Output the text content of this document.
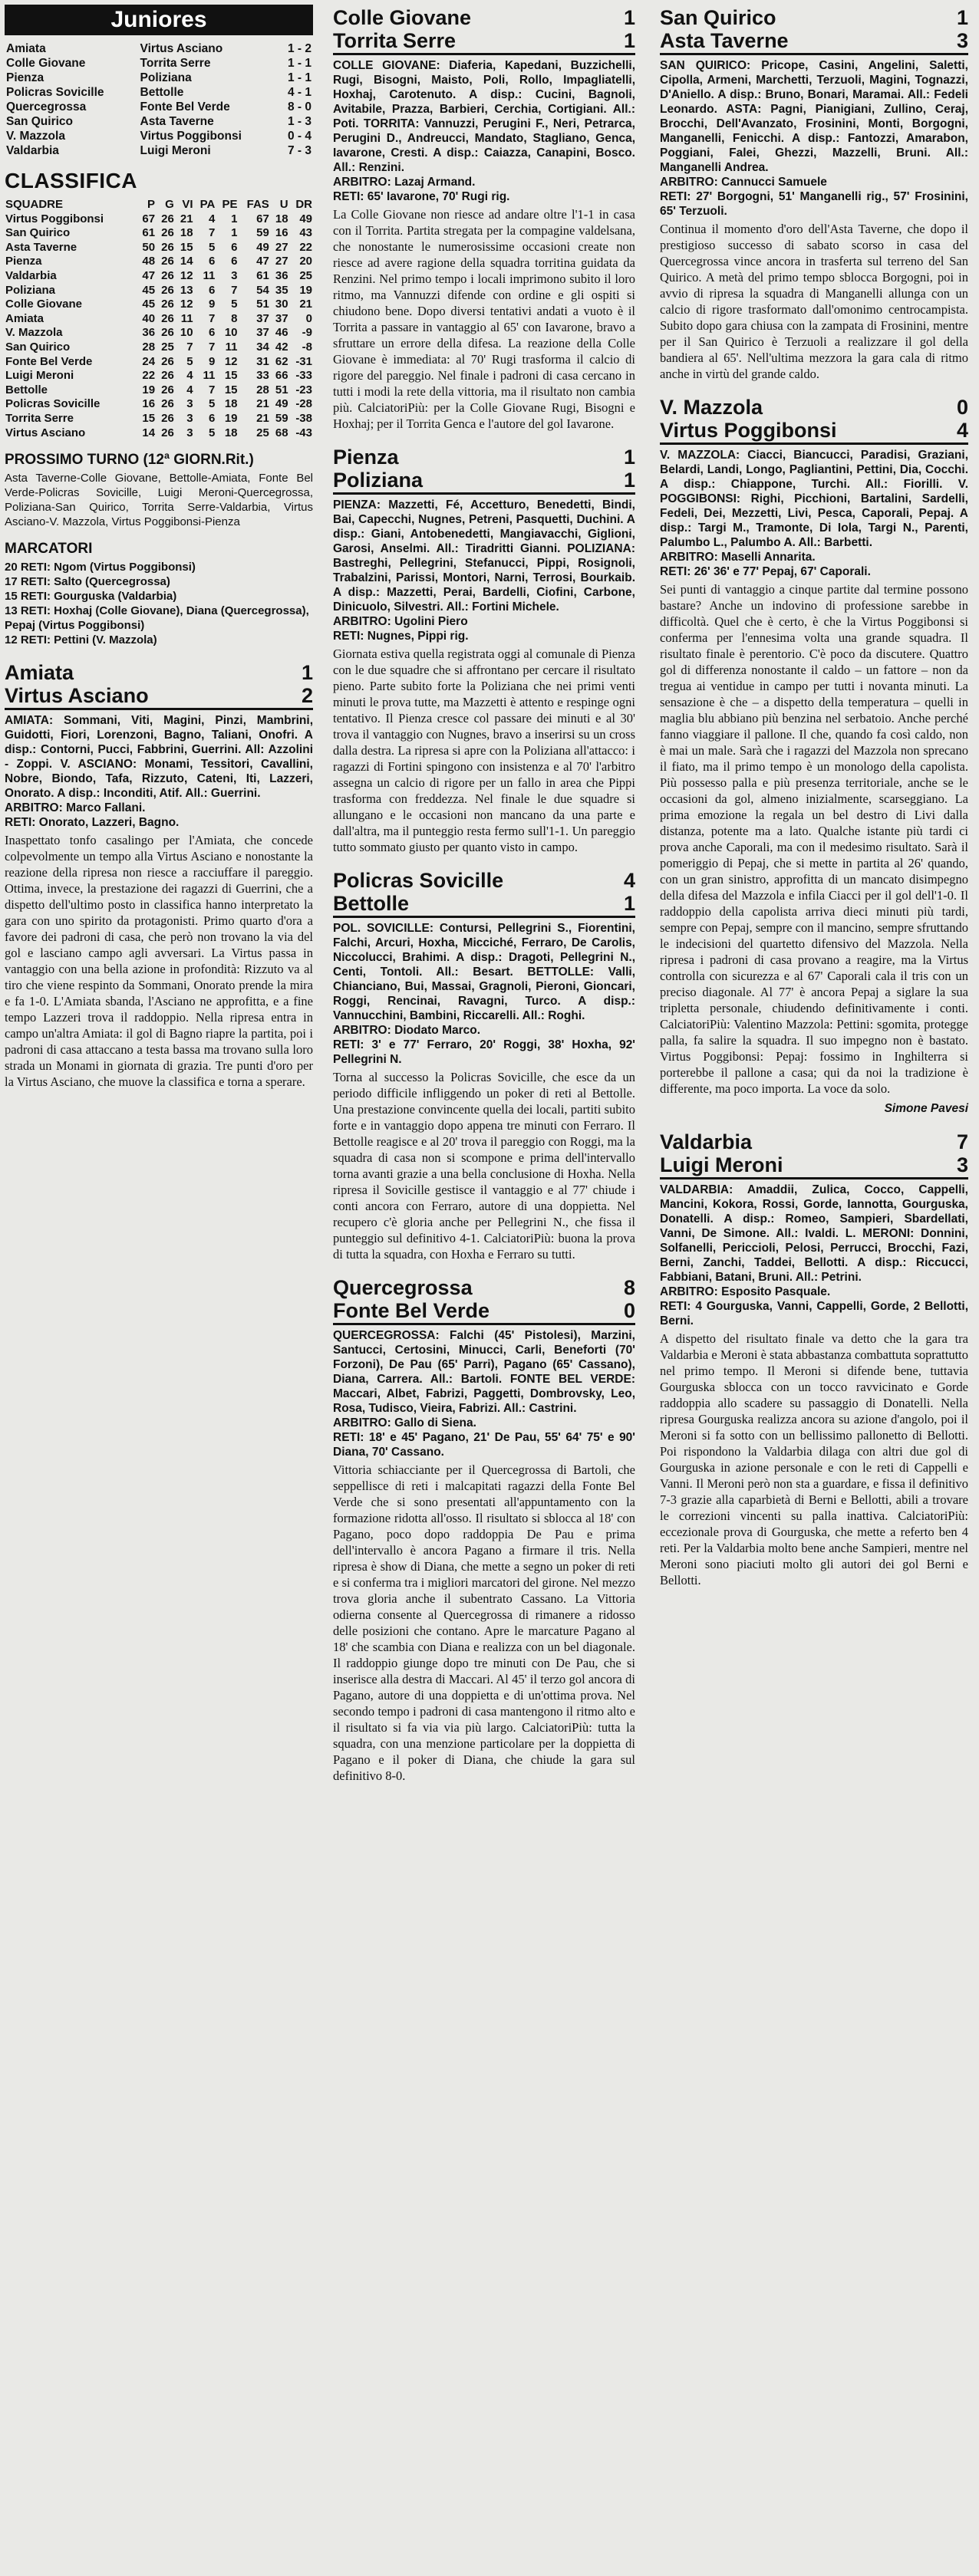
Juniores
Amiata	Virtus Asciano	1 - 2
Colle Giovane	Torrita Serre	1 - 1
Pienza	Poliziana	1 - 1
Policras Sovicille	Bettolle	4 - 1
Quercegrossa	Fonte Bel Verde	8 - 0
San Quirico	Asta Taverne	1 - 3
V. Mazzola	Virtus Poggibonsi	0 - 4
Valdarbia	Luigi Meroni	7 - 3
CLASSIFICA
SQUADRE	P	G	VI	PA	PE	FAS	U	DR
Virtus Poggibonsi	67	26	21	4	1	67	18	49
San Quirico	61	26	18	7	1	59	16	43
Asta Taverne	50	26	15	5	6	49	27	22
Pienza	48	26	14	6	6	47	27	20
Valdarbia	47	26	12	11	3	61	36	25
Poliziana	45	26	13	6	7	54	35	19
Colle Giovane	45	26	12	9	5	51	30	21
Amiata	40	26	11	7	8	37	37	0
V. Mazzola	36	26	10	6	10	37	46	-9
San Quirico	28	25	7	7	11	34	42	-8
Fonte Bel Verde	24	26	5	9	12	31	62	-31
Luigi Meroni	22	26	4	11	15	33	66	-33
Bettolle	19	26	4	7	15	28	51	-23
Policras Sovicille	16	26	3	5	18	21	49	-28
Torrita Serre	15	26	3	6	19	21	59	-38
Virtus Asciano	14	26	3	5	18	25	68	-43
PROSSIMO TURNO (12ª GIORN.Rit.)
Asta Taverne-Colle Giovane, Bettolle-Amiata, Fonte Bel Verde-Policras Sovicille, Luigi Meroni-Quercegrossa, Poliziana-San Quirico, Torrita Serre-Valdarbia, Virtus Asciano-V. Mazzola, Virtus Poggibonsi-Pienza
MARCATORI
20 RETI: Ngom (Virtus Poggibonsi)
17 RETI: Salto (Quercegrossa)
15 RETI: Gourguska (Valdarbia)
13 RETI: Hoxhaj (Colle Giovane), Diana (Quercegrossa), Pepaj (Virtus Poggibonsi)
12 RETI: Pettini (V. Mazzola)
Amiata	1
Virtus Asciano	2

AMIATA: Sommani, Viti, Magini, Pinzi, Mambrini, Guidotti, Fiori, Lorenzoni, Bagno, Taliani, Onofri. A disp.: Contorni, Pucci, Fabbrini, Guerrini. All: Azzolini - Zoppi. V. ASCIANO: Monami, Tessitori, Cavallini, Nobre, Biondo, Tafa, Rizzuto, Cateni, Iti, Lazzeri, Onorato. A disp.: Inconditi, Atif. All.: Guerrini.

ARBITRO: Marco Fallani.

RETI: Onorato, Lazzeri, Bagno.

Inaspettato tonfo casalingo per l'Amiata, che concede colpevolmente un tempo alla Virtus Asciano e nonostante la reazione della ripresa non riesce a racciuffare il pareggio. Ottima, invece, la prestazione dei ragazzi di Guerrini, che a dispetto dell'ultimo posto in classifica hanno interpretato la gara con uno spirito da protagonisti. Primo quarto d'ora a favore dei padroni di casa, che però non trovano la via del gol e lasciano campo agli avversari. La Virtus passa in vantaggio con una bella azione in profondità: Rizzuto va al tiro che viene respinto da Sommani, Onorato prende la mira e fa 1-0. L'Amiata sbanda, l'Asciano ne approfitta, e a fine tempo Lazzeri trova il raddoppio. Nella ripresa entra in campo un'altra Amiata: il gol di Bagno riapre la partita, poi i padroni di casa attaccano a testa bassa ma trovano sulla loro strada un Monami in giornata di grazia. Tre punti d'oro per la Virtus Asciano, che muove la classifica e torna a sperare.

Colle Giovane	1
Torrita Serre	1

COLLE GIOVANE: Diaferia, Kapedani, Buzzichelli, Rugi, Bisogni, Maisto, Poli, Rollo, Impagliatelli, Hoxhaj, Carotenuto. A disp.: Cucini, Bagnoli, Avitabile, Prazza, Barbieri, Cerchia, Cortigiani. All.: Poti. TORRITA: Vannuzzi, Perugini F., Neri, Petrarca, Perugini D., Andreucci, Mandato, Stagliano, Genca, Iavarone, Cresti. A disp.: Caiazza, Canapini, Bosco. All.: Renzini.

ARBITRO: Lazaj Armand.

RETI: 65' Iavarone, 70' Rugi rig.

La Colle Giovane non riesce ad andare oltre l'1-1 in casa con il Torrita. Partita stregata per la compagine valdelsana, che nonostante le numerosissime occasioni create non riesce ad avere ragione della squadra torritina guidata da Renzini. Nel primo tempo i locali imprimono subito il loro ritmo, ma Vannuzzi difende con ordine e gli ospiti si chiudono bene. Dopo diversi tentativi andati a vuoto è il Torrita a passare in vantaggio al 65' con Iavarone, bravo a sfruttare un errore della difesa. La reazione della Colle Giovane è immediata: al 70' Rugi trasforma il calcio di rigore del pareggio. Nel finale i padroni di casa cercano in tutti i modi la rete della vittoria, ma il risultato non cambia più. CalciatoriPiù: per la Colle Giovane Rugi, Bisogni e Hoxhaj; per il Torrita Genca e l'autore del gol Iavarone.

Pienza	1
Poliziana	1

PIENZA: Mazzetti, Fé, Accetturo, Benedetti, Bindi, Bai, Capecchi, Nugnes, Petreni, Pasquetti, Duchini. A disp.: Giani, Antobenedetti, Mangiavacchi, Giglioni, Garosi, Anselmi. All.: Tiradritti Gianni. POLIZIANA: Bastreghi, Pellegrini, Stefanucci, Pippi, Rosignoli, Trabalzini, Parissi, Montori, Narni, Terrosi, Bourkaib. A disp.: Mazzetti, Perai, Bardelli, Ciofini, Carbone, Dinicuolo, Silvestri. All.: Fortini Michele.

ARBITRO: Ugolini Piero

RETI: Nugnes, Pippi rig.

Giornata estiva quella registrata oggi al comunale di Pienza con le due squadre che si affrontano per cercare il risultato pieno. Parte subito forte la Poliziana che nei primi venti minuti le prova tutte, ma Mazzetti è attento e respinge ogni tentativo. Il Pienza cresce col passare dei minuti e al 30' trova il vantaggio con Nugnes, bravo a inserirsi su un cross dalla destra. La ripresa si apre con la Poliziana all'attacco: i ragazzi di Fortini spingono con insistenza e al 70' l'arbitro assegna un calcio di rigore per un fallo in area che Pippi trasforma con freddezza. Nel finale le due squadre si allungano e le occasioni non mancano da una parte e dall'altra, ma il punteggio resta fermo sull'1-1. Un pareggio tutto sommato giusto per quanto visto in campo.

Policras Sovicille	4
Bettolle	1

POL. SOVICILLE: Contursi, Pellegrini S., Fiorentini, Falchi, Arcuri, Hoxha, Micciché, Ferraro, De Carolis, Niccolucci, Brahimi. A disp.: Dragoti, Pellegrini N., Centi, Tontoli. All.: Besart. BETTOLLE: Valli, Chianciano, Bui, Massai, Gragnoli, Pieroni, Gioncari, Roggi, Rencinai, Ravagni, Turco. A disp.: Vannucchini, Bambini, Riccarelli. All.: Roghi.

ARBITRO: Diodato Marco.

RETI: 3' e 77' Ferraro, 20' Roggi, 38' Hoxha, 92' Pellegrini N.

Torna al successo la Policras Sovicille, che esce da un periodo difficile infliggendo un poker di reti al Bettolle. Una prestazione convincente quella dei locali, partiti subito forte e in vantaggio dopo appena tre minuti con Ferraro. Il Bettolle reagisce e al 20' trova il pareggio con Roggi, ma la squadra di casa non si scompone e prima dell'intervallo torna avanti grazie a una bella conclusione di Hoxha. Nella ripresa il Sovicille gestisce il vantaggio e al 77' chiude i conti ancora con Ferraro, autore di una doppietta. Nel recupero c'è gloria anche per Pellegrini N., che fissa il punteggio sul definitivo 4-1. CalciatoriPiù: buona la prova di tutta la squadra, con Hoxha e Ferraro su tutti.

Quercegrossa	8
Fonte Bel Verde	0

QUERCEGROSSA: Falchi (45' Pistolesi), Marzini, Santucci, Certosini, Minucci, Carli, Beneforti (70' Forzoni), De Pau (65' Parri), Pagano (65' Cassano), Diana, Carrera. All.: Bartoli. FONTE BEL VERDE: Maccari, Albet, Fabrizi, Paggetti, Dombrovsky, Leo, Rosa, Tudisco, Vieira, Fabrizi. All.: Castrini.

ARBITRO: Gallo di Siena.

RETI: 18' e 45' Pagano, 21' De Pau, 55' 64' 75' e 90' Diana, 70' Cassano.

Vittoria schiacciante per il Quercegrossa di Bartoli, che seppellisce di reti i malcapitati ragazzi della Fonte Bel Verde che si sono presentati all'appuntamento con la formazione ridotta all'osso. Il risultato si sblocca al 18' con Pagano, poco dopo raddoppia De Pau e prima dell'intervallo è ancora Pagano a firmare il tris. Nella ripresa è show di Diana, che mette a segno un poker di reti e si conferma tra i migliori marcatori del girone. Nel mezzo trova gloria anche il subentrato Cassano. La Vittoria odierna consente al Quercegrossa di rimanere a ridosso delle posizioni che contano. Apre le marcature Pagano al 18' che scambia con Diana e realizza con un bel diagonale. Il raddoppio giunge dopo tre minuti con De Pau, che si inserisce alla destra di Maccari. Al 45' il terzo gol ancora di Pagano, autore di una doppietta e di un'ottima prova. Nel secondo tempo i padroni di casa mantengono il ritmo alto e il risultato si fa via via più largo. CalciatoriPiù: tutta la squadra, con una menzione particolare per la doppietta di Pagano e il poker di Diana, che chiude la gara sul definitivo 8-0.

San Quirico	1
Asta Taverne	3

SAN QUIRICO: Pricope, Casini, Angelini, Saletti, Cipolla, Armeni, Marchetti, Terzuoli, Magini, Tognazzi, D'Aniello. A disp.: Bruno, Bonari, Maramai. All.: Fedeli Leonardo. ASTA: Pagni, Pianigiani, Zullino, Ceraj, Brocchi, Dell'Avanzato, Frosinini, Monti, Borgogni, Manganelli, Fenicchi. A disp.: Fantozzi, Amarabon, Poggiani, Falei, Ghezzi, Mazzelli, Bruni. All.: Manganelli Andrea.

ARBITRO: Cannucci Samuele

RETI: 27' Borgogni, 51' Manganelli rig., 57' Frosinini, 65' Terzuoli.

Continua il momento d'oro dell'Asta Taverne, che dopo il prestigioso successo di sabato scorso in casa del Quercegrossa vince ancora in trasferta sul terreno del San Quirico. A metà del primo tempo sblocca Borgogni, poi in avvio di ripresa la squadra di Manganelli allunga con un calcio di rigore trasformato dall'omonimo centrocampista. Subito dopo gara chiusa con la zampata di Frosinini, mentre per il San Quirico è Terzuoli a realizzare il gol della bandiera al 65'. Nell'ultima mezzora la gara cala di ritmo anche in virtù del grande caldo.

V. Mazzola	0
Virtus Poggibonsi	4

V. MAZZOLA: Ciacci, Biancucci, Paradisi, Graziani, Belardi, Landi, Longo, Pagliantini, Pettini, Dia, Cocchi. A disp.: Chiappone, Turchi. All.: Fiorilli. V. POGGIBONSI: Righi, Picchioni, Bartalini, Sardelli, Fedeli, Dei, Mezzetti, Livi, Pesca, Caporali, Pepaj. A disp.: Targi M., Tramonte, Di Iola, Targi N., Parenti, Palumbo L., Palumbo A. All.: Barbetti.

ARBITRO: Maselli Annarita.

RETI: 26' 36' e 77' Pepaj, 67' Caporali.

Sei punti di vantaggio a cinque partite dal termine possono bastare? Anche un indovino di professione sarebbe in difficoltà. Quel che è certo, è che la Virtus Poggibonsi si conferma per l'ennesima volta una grande squadra. Il risultato finale è perentorio. C'è poco da discutere. Quattro gol di differenza nonostante il caldo – un fattore – non da tregua ai ventidue in campo per tutti i novanta minuti. La sensazione è che – a dispetto della temperatura – quelli in maglia blu abbiano più benzina nel serbatoio. Anche perché fanno viaggiare il pallone. Il che, quando fa così caldo, non è mai un male. Sarà che i ragazzi del Mazzola non sprecano il fiato, ma il primo tempo è un monologo della capolista. Più possesso palla e più presenza territoriale, anche se le occasioni da gol, almeno inizialmente, scarseggiano. La prima emozione la regala un bel destro di Livi dalla distanza, potente ma a lato. Qualche istante più tardi ci prova anche Caporali, ma con il medesimo risultato. Sarà il pomeriggio di Pepaj, che si mette in partita al 26' quando, con un gran sinistro, approfitta di un mancato disimpegno della difesa del Mazzola e infila Ciacci per il gol dell'1-0. Il raddoppio della capolista arriva dieci minuti più tardi, sempre con Pepaj, sempre con il mancino, sempre sfruttando le indecisioni del quartetto difensivo del Mazzola. Nella ripresa i padroni di casa provano a reagire, ma la Virtus controlla con sicurezza e al 67' Caporali cala il tris con un preciso diagonale. Al 77' è ancora Pepaj a siglare la sua tripletta personale, chiudendo definitivamente i conti. CalciatoriPiù: Valentino Mazzola: Pettini: sgomita, protegge palla, fa salire la squadra. Il suo impegno non è bastato. Virtus Poggibonsi: Pepaj: fossimo in Inghilterra si porterebbe il pallone a casa; qui da noi la tradizione è differente, ma poco importa. La voce da solo.

Simone Pavesi
Valdarbia	7
Luigi Meroni	3

VALDARBIA: Amaddii, Zulica, Cocco, Cappelli, Mancini, Kokora, Rossi, Gorde, Iannotta, Gourguska, Donatelli. A disp.: Romeo, Sampieri, Sbardellati, Vanni, De Simone. All.: Ivaldi. L. MERONI: Donnini, Solfanelli, Periccioli, Pelosi, Perrucci, Brocchi, Fazi, Berni, Zanchi, Taddei, Bellotti. A disp.: Riccucci, Fabbiani, Batani, Bruni. All.: Petrini.

ARBITRO: Esposito Pasquale.

RETI: 4 Gourguska, Vanni, Cappelli, Gorde, 2 Bellotti, Berni.

A dispetto del risultato finale va detto che la gara tra Valdarbia e Meroni è stata abbastanza combattuta soprattutto nel primo tempo. Il Meroni si difende bene, tuttavia Gourguska sblocca con un tocco ravvicinato e Gorde raddoppia allo scadere su passaggio di Donatelli. Nella ripresa Gourguska realizza ancora su azione d'angolo, poi il Meroni si fa sotto con un bellissimo pallonetto di Bellotti. Poi rispondono la Valdarbia dilaga con altri due gol di Gourguska in azione personale e con le reti di Cappelli e Vanni. Il Meroni però non sta a guardare, e fissa il definitivo 7-3 grazie alla caparbietà di Berni e Bellotti, abili a trovare le correzioni vincenti su palla inattiva. CalciatoriPiù: eccezionale prova di Gourguska, che mette a referto ben 4 reti. Per la Valdarbia molto bene anche Sampieri, mentre nel Meroni sono piaciuti molto gli autori dei gol Berni e Bellotti.
